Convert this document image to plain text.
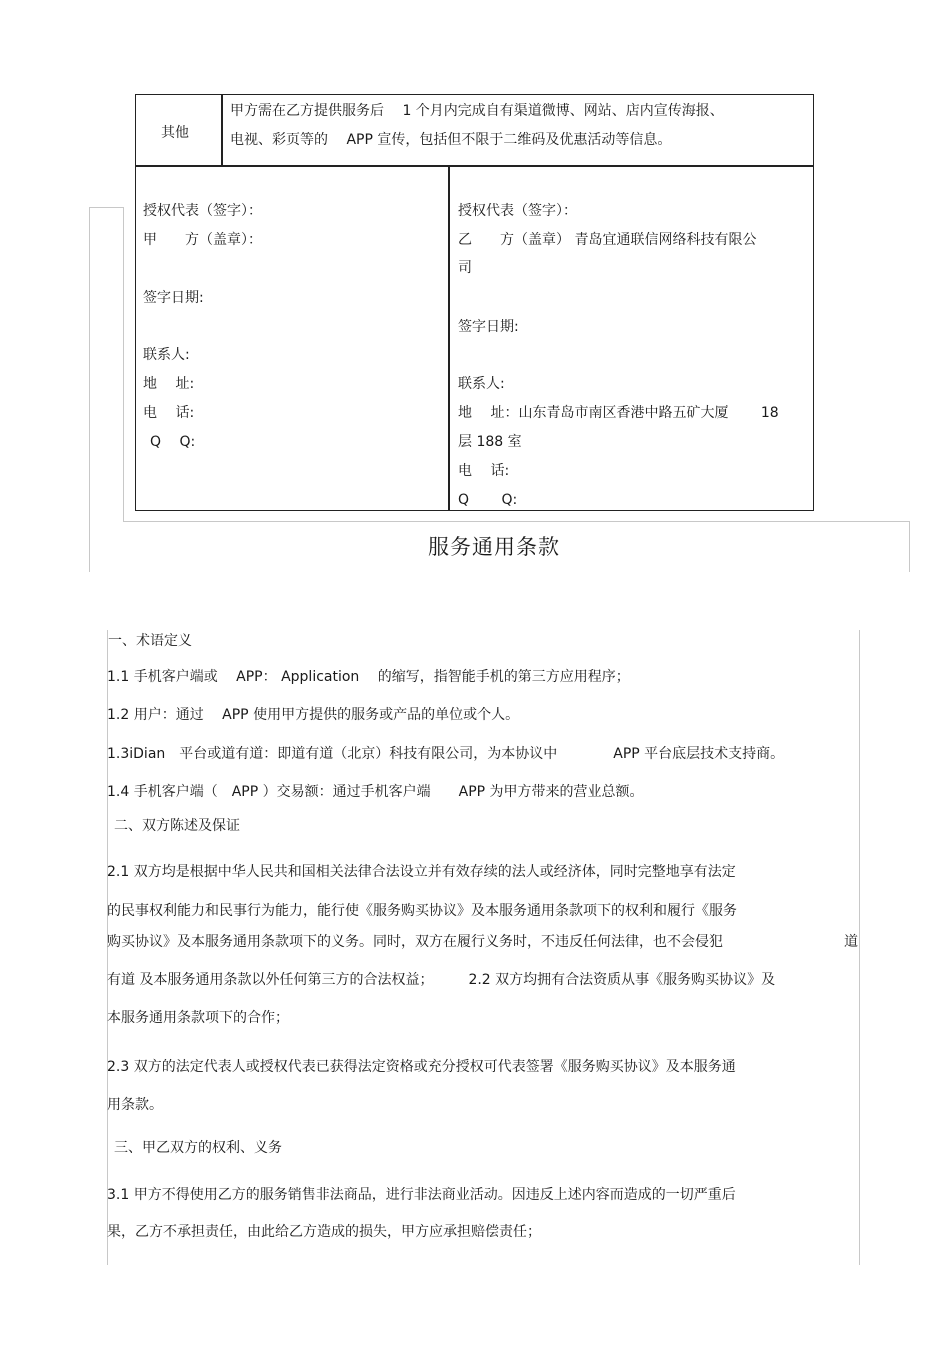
其他
甲方需在乙方提供服务后　 1 个月内完成自有渠道微博、网站、店内宣传海报、
电视、彩页等的　 APP 宣传，包括但不限于二维码及优惠活动等信息。
授权代表（签字）：
甲　　方（盖章）：
签字日期:
联系人:
地　 址:
电　 话:
Q　 Q:
授权代表（签字）：
乙　　方（盖章） 青岛宜通联信网络科技有限公
司
签字日期:
联系人:
地　 址：山东青岛市南区香港中路五矿大厦　　 18
层 188 室
电　 话:
Q　　 Q:
服务通用条款
一、术语定义
1.1 手机客户端或　 APP： Application　 的缩写，指智能手机的第三方应用程序；
1.2 用户：通过　 APP 使用甲方提供的服务或产品的单位或个人。
1.3iDian　平台或道有道：即道有道（北京）科技有限公司，为本协议中　　　　APP 平台底层技术支持商。
1.4 手机客户端（　APP ）交易额：通过手机客户端　　APP 为甲方带来的营业总额。
二、双方陈述及保证
2.1 双方均是根据中华人民共和国相关法律合法设立并有效存续的法人或经济体，同时完整地享有法定
的民事权利能力和民事行为能力，能行使《服务购买协议》及本服务通用条款项下的权利和履行《服务
购买协议》及本服务通用条款项下的义务。同时，双方在履行义务时，不违反任何法律，也不会侵犯	道
有道 及本服务通用条款以外任何第三方的合法权益；　　　2.2 双方均拥有合法资质从事《服务购买协议》及
本服务通用条款项下的合作；
2.3 双方的法定代表人或授权代表已获得法定资格或充分授权可代表签署《服务购买协议》及本服务通
用条款。
三、甲乙双方的权利、义务
3.1 甲方不得使用乙方的服务销售非法商品，进行非法商业活动。因违反上述内容而造成的一切严重后
果，乙方不承担责任，由此给乙方造成的损失，甲方应承担赔偿责任；
